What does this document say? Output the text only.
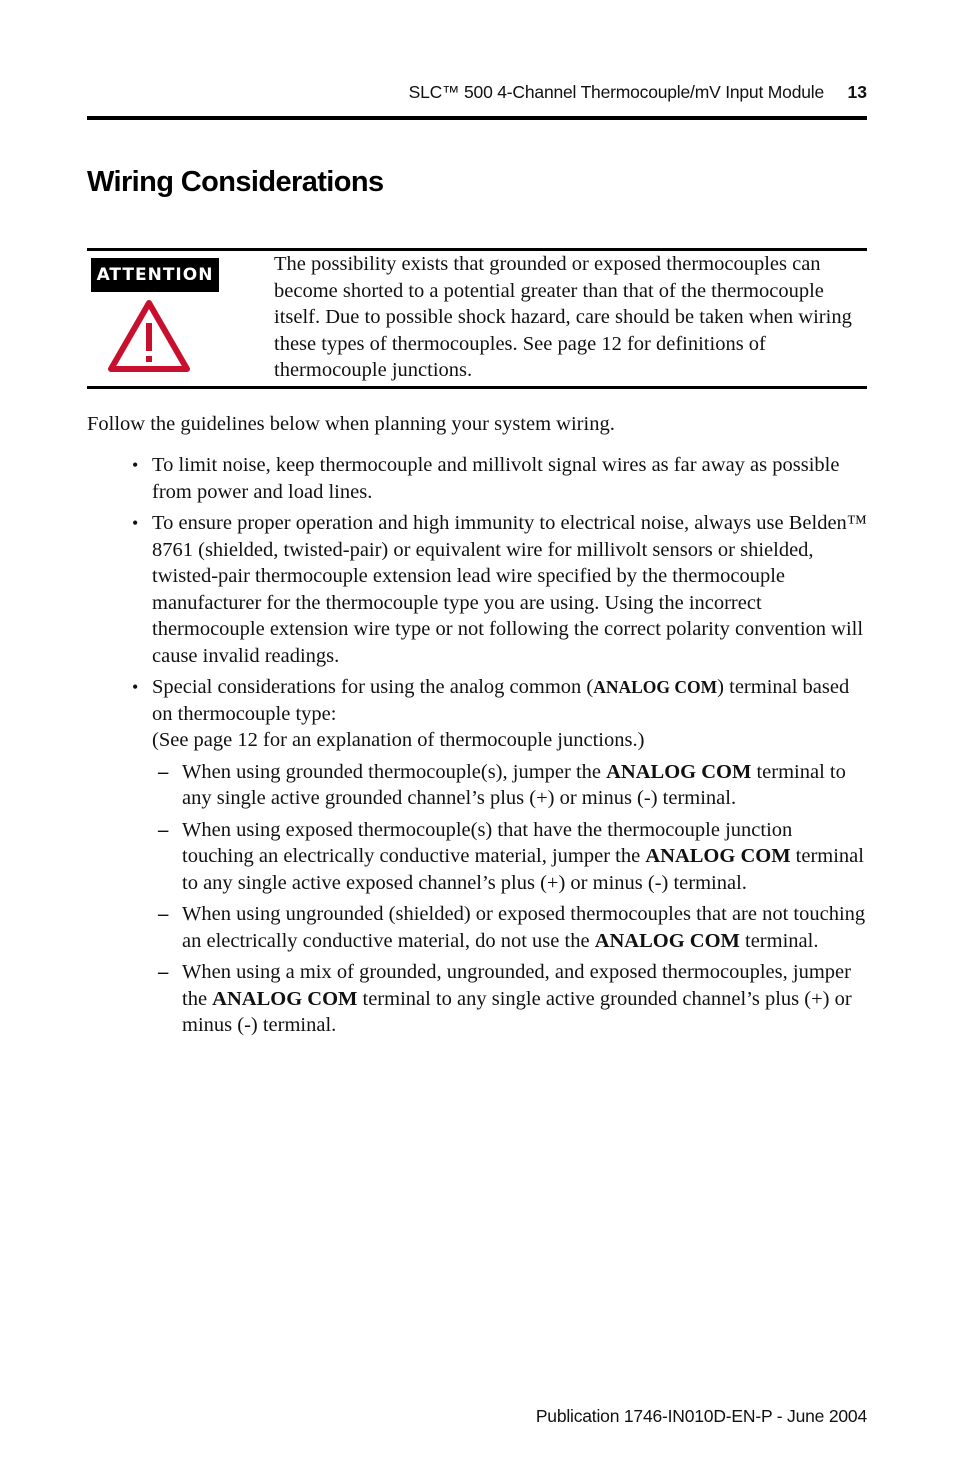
SLC™ 500 4-Channel Thermocouple/mV Input Module 13
Wiring Considerations
ATTENTION	The possibility exists that grounded or exposed thermocouples can become shorted to a potential greater than that of the thermocouple itself. Due to possible shock hazard, care should be taken when wiring these types of thermocouples. See page 12 for definitions of thermocouple junctions.
Follow the guidelines below when planning your system wiring.
• To limit noise, keep thermocouple and millivolt signal wires as far away as possible from power and load lines.
• To ensure proper operation and high immunity to electrical noise, always use Belden™ 8761 (shielded, twisted-pair) or equivalent wire for millivolt sensors or shielded, twisted-pair thermocouple extension lead wire specified by the thermocouple manufacturer for the thermocouple type you are using. Using the incorrect thermocouple extension wire type or not following the correct polarity convention will cause invalid readings.
• Special considerations for using the analog common (ANALOG COM) terminal based on thermocouple type:
(See page 12 for an explanation of thermocouple junctions.)
– When using grounded thermocouple(s), jumper the ANALOG COM terminal to any single active grounded channel’s plus (+) or minus (-) terminal.
– When using exposed thermocouple(s) that have the thermocouple junction touching an electrically conductive material, jumper the ANALOG COM terminal to any single active exposed channel’s plus (+) or minus (-) terminal.
– When using ungrounded (shielded) or exposed thermocouples that are not touching an electrically conductive material, do not use the ANALOG COM terminal.
– When using a mix of grounded, ungrounded, and exposed thermocouples, jumper the ANALOG COM terminal to any single active grounded channel’s plus (+) or minus (-) terminal.
Publication 1746-IN010D-EN-P - June 2004
